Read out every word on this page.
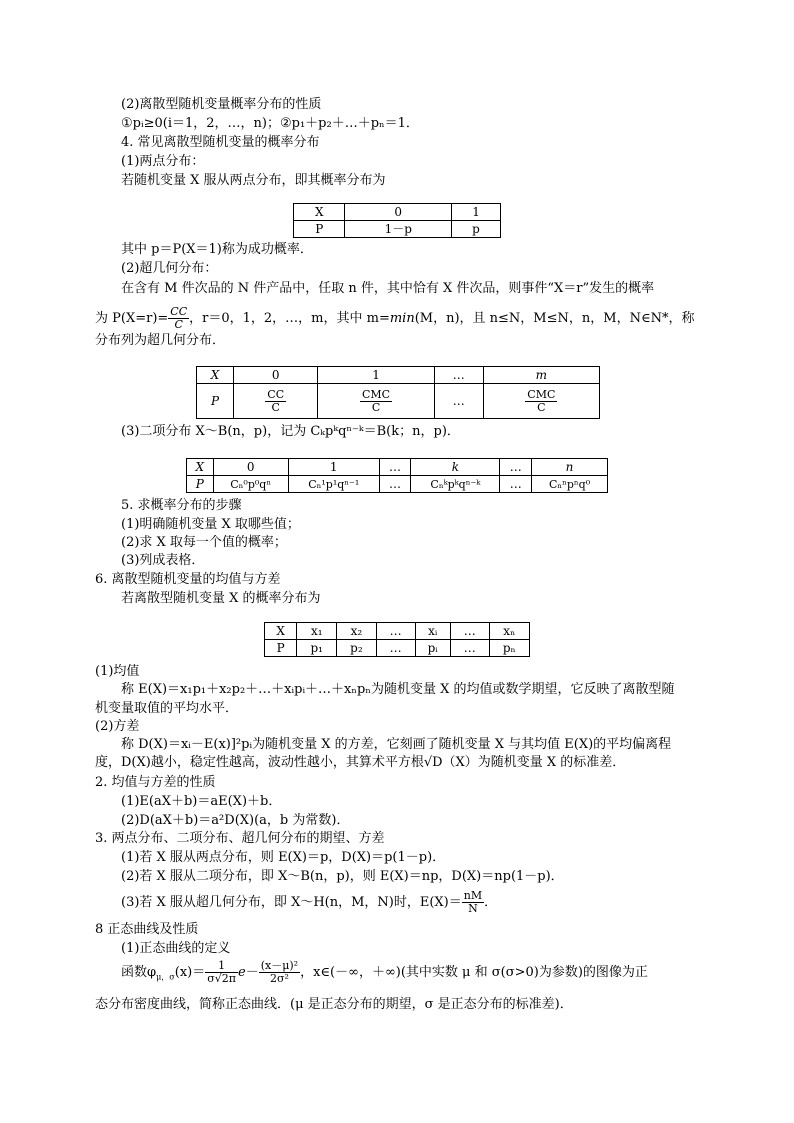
(2)离散型随机变量概率分布的性质
①pᵢ≥0(i＝1，2，…，n)；②p₁＋p₂＋…＋pₙ＝1．
4. 常见离散型随机变量的概率分布
(1)两点分布：
若随机变量 X 服从两点分布，即其概率分布为
X	0	1
P	1－p	p
其中 p＝P(X＝1)称为成功概率．
(2)超几何分布：
在含有 M 件次品的 N 件产品中，任取 n 件，其中恰有 X 件次品，则事件“X＝r”发生的概率
为 $P(X=r)= \frac{CC}{C}$ ，r＝0，1，2，…，m，其中 m=min(M，n)，且 n≤N，M≤N，n，M，N∈N*，称
分布列为超几何分布．
X	0	1	…	m
P	$\frac{CC}{C}$	$\frac{\text{CMC}}{C}$	…	$\frac{\text{CMC}}{C}$
(3)二项分布 X～B(n，p)，记为 Cₖpᵏqⁿ⁻ᵏ＝B(k；n，p)．
X	0	1	…	k	…	n
P	Cₙ⁰p⁰qⁿ	Cₙ¹p¹qⁿ⁻¹	…	Cₙᵏpᵏqⁿ⁻ᵏ	…	Cₙⁿpⁿq⁰
5. 求概率分布的步骤
(1)明确随机变量 X 取哪些值；
(2)求 X 取每一个值的概率；
(3)列成表格．
6. 离散型随机变量的均值与方差
若离散型随机变量 X 的概率分布为
X	x₁	x₂	…	xᵢ	…	xₙ
P	p₁	p₂	…	pᵢ	…	pₙ
(1)均值
称 E(X)＝x₁p₁＋x₂p₂＋…＋xᵢpᵢ＋…＋xₙpₙ为随机变量 X 的均值或数学期望，它反映了离散型随
机变量取值的平均水平．
(2)方差
称 D(X)＝xᵢ－E(x)]²pᵢ为随机变量 X 的方差，它刻画了随机变量 X 与其均值 E(X)的平均偏离程
度，D(X)越小，稳定性越高，波动性越小，其算术平方根√D（X）为随机变量 X 的标准差．
2. 均值与方差的性质
(1)E(aX＋b)＝aE(X)＋b．
(2)D(aX＋b)＝a²D(X)(a，b 为常数)．
3. 两点分布、二项分布、超几何分布的期望、方差
(1)若 X 服从两点分布，则 E(X)＝p，D(X)＝p(1－p)．
(2)若 X 服从二项分布，即 X～B(n，p)，则 E(X)＝np，D(X)＝np(1－p)．
(3)若 X 服从超几何分布，即 X～H(n，M，N)时，$E(X)= \frac{nM}{N}$ ．
8 正态曲线及性质
(1)正态曲线的定义
函数$\varphi_{\mu,\sigma}(x)= \frac{1}{\sigma√2\pi} e- \frac{\text{(x－μ)²}}{\text{2σ²}}$ ，x∈(－∞，＋∞)(其中实数 μ 和 σ(σ>0)为参数)的图像为正
态分布密度曲线，简称正态曲线．(μ 是正态分布的期望，σ 是正态分布的标准差)．
